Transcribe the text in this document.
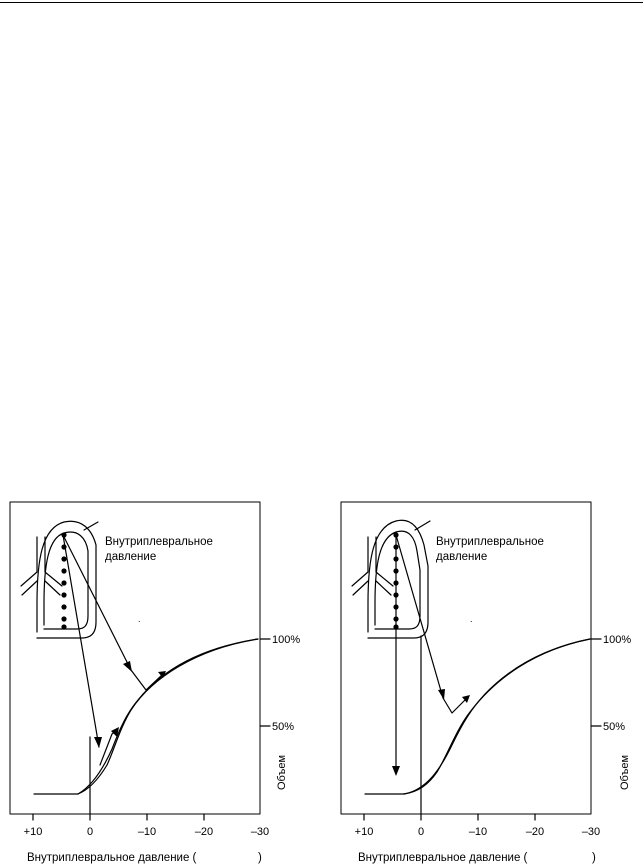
Внутриплевральное
давление
.
100%
50%
Объем
+10	0	–10	–20	–30
Внутриплевральное давление (	)
Внутриплевральное
давление
.
100%
50%
Объем
+10	0	–10	–20	–30
Внутриплевральное давление (	)
